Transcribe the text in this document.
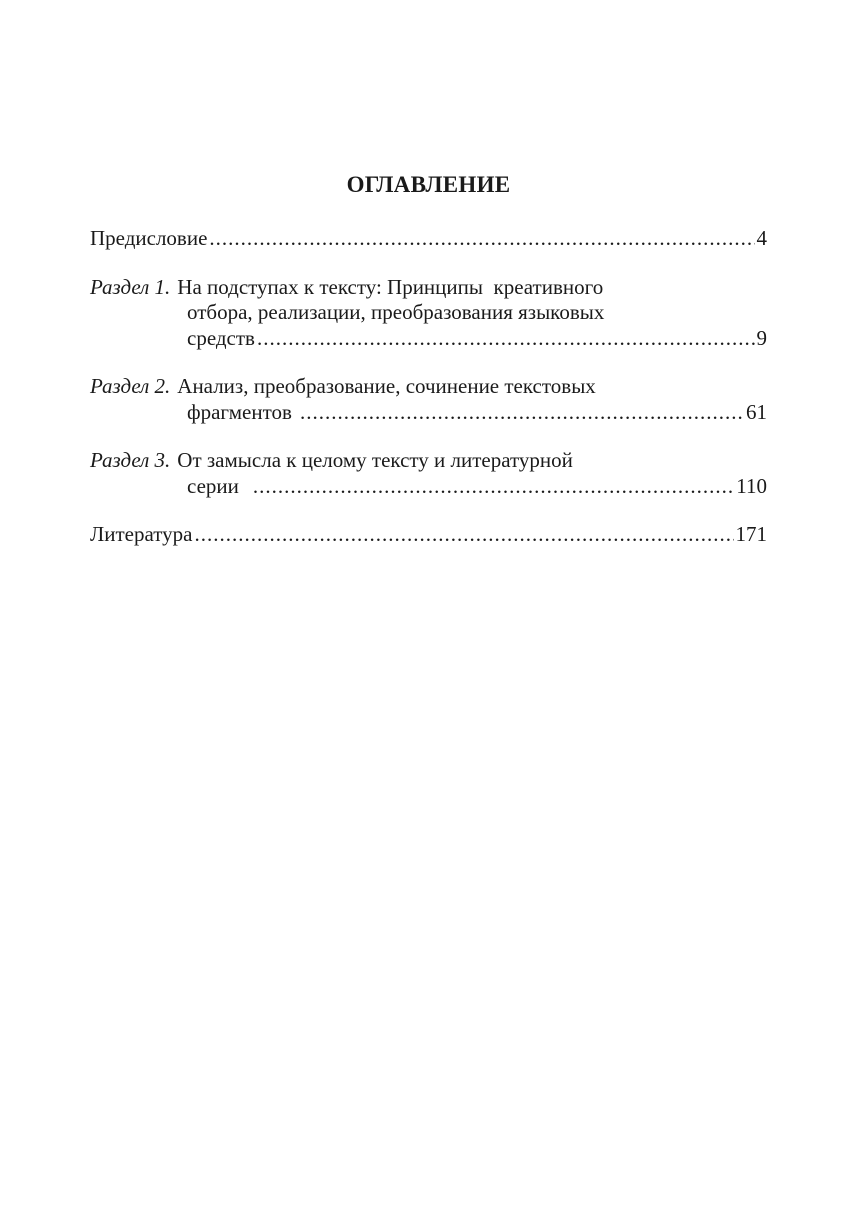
ОГЛАВЛЕНИЕ
Предисловие .....	4
Раздел 1. На подступах к тексту: Принципы  креативного
отбора, реализации, преобразования языковых
средств .....	9
Раздел 2. Анализ, преобразование, сочинение текстовых
фрагментов .....	61
Раздел 3. От замысла к целому тексту и литературной
серии .....	110
Литература .....	171
